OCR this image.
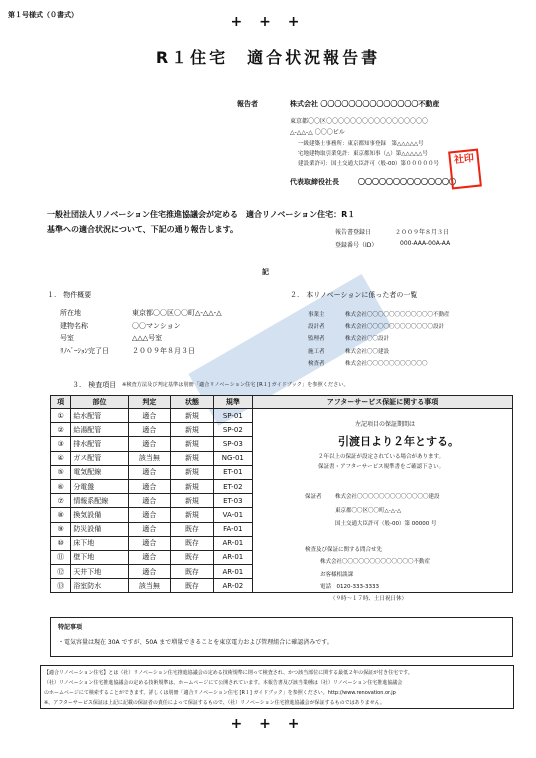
第１号様式（０書式）	+ + +
R１住宅　適合状況報告書
報告者	株式会社 〇〇〇〇〇〇〇〇〇〇〇〇〇〇不動産
東京都〇〇区〇〇〇〇〇〇〇〇〇〇〇〇〇〇〇〇〇
△-△△-△ 〇〇〇ビル
一級建築士事務所：東京都知事登録　第△△△△△号
宅地建物取引業免許：東京都知事（△）第△△△△△号
建設業許可：国土交通大臣許可（般-00）第０００００号
代表取締役社長	〇〇〇〇〇〇〇〇〇〇〇〇〇〇
社印
一般社団法人リノベーション住宅推進協議会が定める　適合リノベーション住宅：R１
基準への適合状況について、下記の通り報告します。	報告書登録日	２００９年８月３日
登録番号（ID）	000-AAA-00A-AA
記
１.　物件概要
所在地	東京都〇〇区〇〇町△-△△-△
建物名称	〇〇マンション
号室	△△△号室
ﾘﾉﾍﾞｰｼｮﾝ完了日	２００９年８月３日
２.　本リノベーションに係った者の一覧
事業主	株式会社〇〇〇〇〇〇〇〇〇〇〇〇不動産
設計者	株式会社〇〇〇〇〇〇〇〇〇〇〇〇設計
監理者	株式会社〇〇設計
施工者	株式会社〇〇建設
検査者	株式会社〇〇〇〇〇〇〇〇〇〇〇
３.　検査項目 ※検査方法及び判定基準は別冊「適合リノベーション住宅 [R１] ガイドブック」を参照ください。
項	部位	判定	状態	規準	アフターサービス保証に関する事項
①	給水配管	適合	新規	SP-01	
②	給湯配管	適合	新規	SP-02	
③	排水配管	適合	新規	SP-03	
④	ガス配管	該当無	新規	NG-01	
⑤	電気配線	適合	新規	ET-01	
⑥	分電盤	適合	新規	ET-02	
⑦	情報系配線	適合	新規	ET-03	
⑧	換気設備	適合	新規	VA-01	
⑨	防災設備	適合	既存	FA-01	
⑩	床下地	適合	既存	AR-01	
⑪	壁下地	適合	既存	AR-01	
⑫	天井下地	適合	既存	AR-01	
⑬	浴室防水	該当無	既存	AR-02	
左記項目の保証期間は
引渡日より２年とする。
２年以上の保証が設定されている場合があります。
保証書・アフターサービス規準書をご確認下さい。
保証者 株式会社〇〇〇〇〇〇〇〇〇〇〇〇〇建設
東京都〇〇区〇〇町△-△-△
国土交通大臣許可（般-00）第 00000 号
検査及び保証に関する問合せ先
株式会社〇〇〇〇〇〇〇〇〇〇〇〇〇不動産
お客様相談課
電話　0120-333-3333
（９時～１７時、土日祝日休）
特記事項
・電気容量は現在 30A ですが、50A まで増量できることを東京電力および管理組合に確認済みです。
【適合リノベーション住宅】とは（社）リノベーション住宅推進協議会の定める技術規準に則って検査され、かつ該当部位に関する最低２年の保証が付き住宅です。
（社）リノベーション住宅推進協議会の定める技術規準は、ホームページにて公開されています。本報告書及び該当業種は（社）リノベーション住宅推進協議会
のホームページにて検索することができます。詳しくは別冊「適合リノベーション住宅 [R１] ガイドブック」を参照ください。http://www.renovation.or.jp
※、アフターサービス保証は上記に記載の保証者の責任によって保証するもので、（社）リノベーション住宅推進協議会が保証するものではありません。
+ + +
